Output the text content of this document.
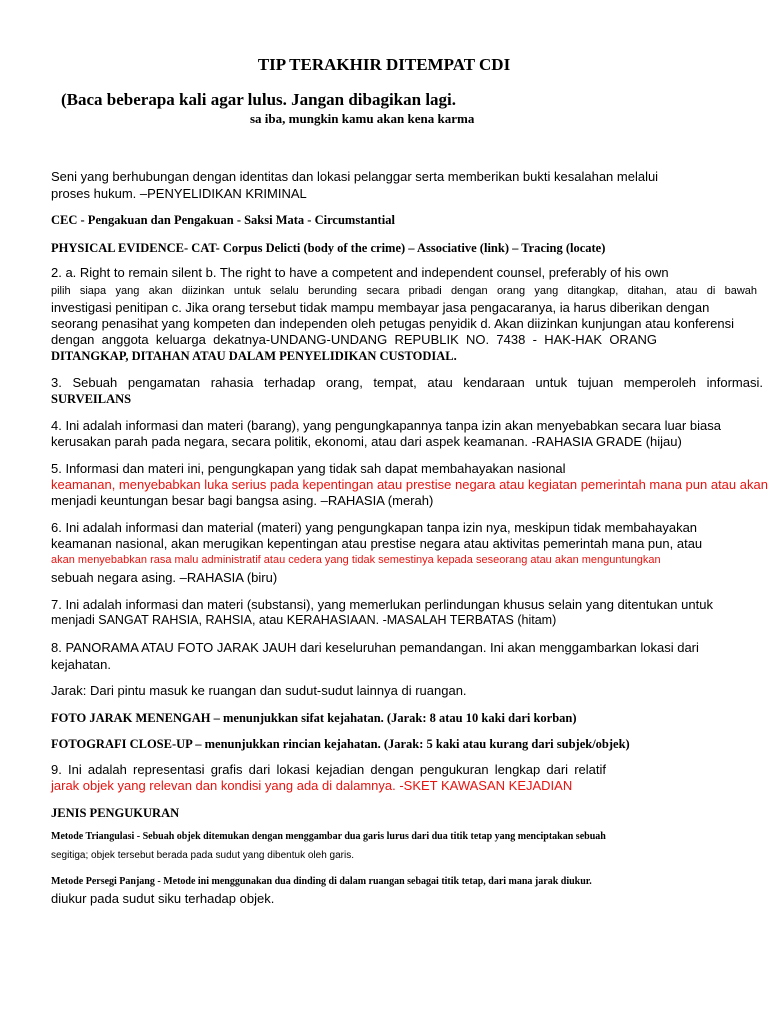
TIP TERAKHIR DITEMPAT CDI
(Baca beberapa kali agar lulus. Jangan dibagikan lagi.
sa iba, mungkin kamu akan kena karma
Seni yang berhubungan dengan identitas dan lokasi pelanggar serta memberikan bukti kesalahan melalui
proses hukum. –PENYELIDIKAN KRIMINAL
CEC - Pengakuan dan Pengakuan - Saksi Mata - Circumstantial
PHYSICAL EVIDENCE- CAT- Corpus Delicti (body of the crime) – Associative (link) – Tracing (locate)
2. a. Right to remain silent b. The right to have a competent and independent counsel, preferably of his own
pilih siapa yang akan diizinkan untuk selalu berunding secara pribadi dengan orang yang ditangkap, ditahan, atau di bawah
investigasi penitipan c. Jika orang tersebut tidak mampu membayar jasa pengacaranya, ia harus diberikan dengan
seorang penasihat yang kompeten dan independen oleh petugas penyidik d. Akan diizinkan kunjungan atau konferensi
dengan anggota keluarga dekatnya-UNDANG-UNDANG REPUBLIK NO. 7438 - HAK-HAK ORANG
DITANGKAP, DITAHAN ATAU DALAM PENYELIDIKAN CUSTODIAL.
3. Sebuah pengamatan rahasia terhadap orang, tempat, atau kendaraan untuk tujuan memperoleh informasi.
SURVEILANS
4. Ini adalah informasi dan materi (barang), yang pengungkapannya tanpa izin akan menyebabkan secara luar biasa
kerusakan parah pada negara, secara politik, ekonomi, atau dari aspek keamanan. -RAHASIA GRADE (hijau)
5. Informasi dan materi ini, pengungkapan yang tidak sah dapat membahayakan nasional
keamanan, menyebabkan luka serius pada kepentingan atau prestise negara atau kegiatan pemerintah mana pun atau akan
menjadi keuntungan besar bagi bangsa asing. –RAHASIA (merah)
6. Ini adalah informasi dan material (materi) yang pengungkapan tanpa izin nya, meskipun tidak membahayakan
keamanan nasional, akan merugikan kepentingan atau prestise negara atau aktivitas pemerintah mana pun, atau
akan menyebabkan rasa malu administratif atau cedera yang tidak semestinya kepada seseorang atau akan menguntungkan
sebuah negara asing. –RAHASIA (biru)
7. Ini adalah informasi dan materi (substansi), yang memerlukan perlindungan khusus selain yang ditentukan untuk
menjadi SANGAT RAHSIA, RAHSIA, atau KERAHASIAAN. -MASALAH TERBATAS (hitam)
8. PANORAMA ATAU FOTO JARAK JAUH dari keseluruhan pemandangan. Ini akan menggambarkan lokasi dari
kejahatan.
Jarak: Dari pintu masuk ke ruangan dan sudut-sudut lainnya di ruangan.
FOTO JARAK MENENGAH – menunjukkan sifat kejahatan. (Jarak: 8 atau 10 kaki dari korban)
FOTOGRAFI CLOSE-UP – menunjukkan rincian kejahatan. (Jarak: 5 kaki atau kurang dari subjek/objek)
9. Ini adalah representasi grafis dari lokasi kejadian dengan pengukuran lengkap dari relatif
jarak objek yang relevan dan kondisi yang ada di dalamnya. -SKET KAWASAN KEJADIAN
JENIS PENGUKURAN
Metode Triangulasi - Sebuah objek ditemukan dengan menggambar dua garis lurus dari dua titik tetap yang menciptakan sebuah
segitiga; objek tersebut berada pada sudut yang dibentuk oleh garis.
Metode Persegi Panjang - Metode ini menggunakan dua dinding di dalam ruangan sebagai titik tetap, dari mana jarak diukur.
diukur pada sudut siku terhadap objek.
